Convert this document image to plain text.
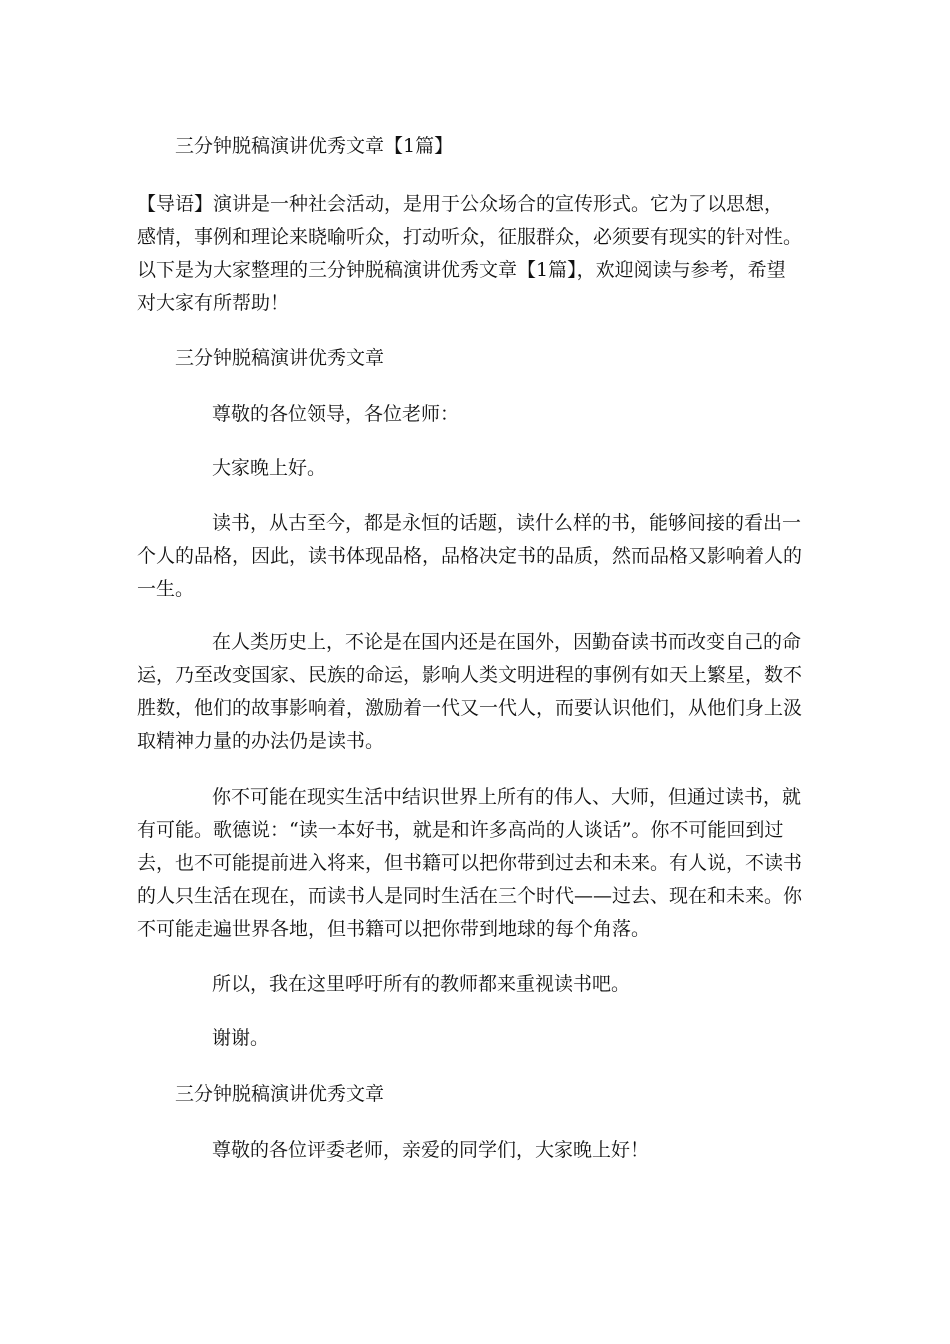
三分钟脱稿演讲优秀文章【1篇】

【导语】演讲是一种社会活动，是用于公众场合的宣传形式。它为了以思想，
感情，事例和理论来晓喻听众，打动听众，征服群众，必须要有现实的针对性。
以下是为大家整理的三分钟脱稿演讲优秀文章【1篇】，欢迎阅读与参考，希望
对大家有所帮助！

三分钟脱稿演讲优秀文章

尊敬的各位领导，各位老师：

大家晚上好。

读书，从古至今，都是永恒的话题，读什么样的书，能够间接的看出一
个人的品格，因此，读书体现品格，品格决定书的品质，然而品格又影响着人的
一生。
在人类历史上，不论是在国内还是在国外，因勤奋读书而改变自己的命
运，乃至改变国家、民族的命运，影响人类文明进程的事例有如天上繁星，数不
胜数，他们的故事影响着，激励着一代又一代人，而要认识他们，从他们身上汲
取精神力量的办法仍是读书。
你不可能在现实生活中结识世界上所有的伟人、大师，但通过读书，就
有可能。歌德说：“读一本好书，就是和许多高尚的人谈话”。你不可能回到过
去，也不可能提前进入将来，但书籍可以把你带到过去和未来。有人说，不读书
的人只生活在现在，而读书人是同时生活在三个时代——过去、现在和未来。你
不可能走遍世界各地，但书籍可以把你带到地球的每个角落。

所以，我在这里呼吁所有的教师都来重视读书吧。

谢谢。

三分钟脱稿演讲优秀文章

尊敬的各位评委老师，亲爱的同学们，大家晚上好！
